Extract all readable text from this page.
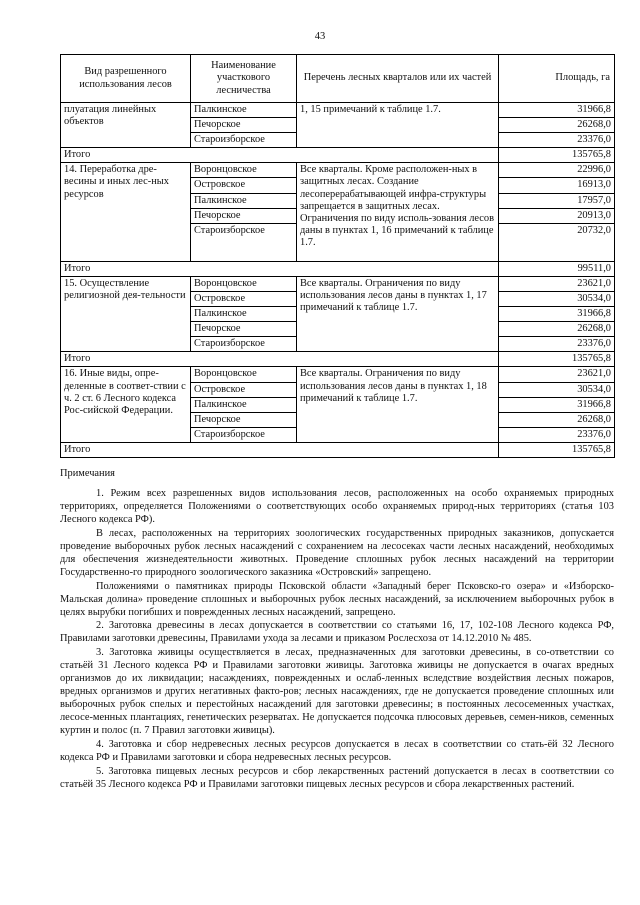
43
Вид разрешенного использования лесов	Наименование участкового лесничества	Перечень лесных кварталов или их частей	Площадь, га
плуатация линейных объектов	Палкинское	1, 15 примечаний к таблице 1.7.	31966,8
	Печорское		26268,0
	Староизборское		23376,0
Итого			135765,8
14. Переработка дре-весины и иных лес-ных ресурсов	Воронцовское	Все кварталы. Кроме расположен-ных в защитных лесах. Создание лесоперерабатывающей инфра-структуры запрещается в защитных лесах. Ограничения по виду исполь-зования лесов даны в пунктах 1, 16 примечаний к таблице 1.7.	22996,0
	Островское		16913,0
	Палкинское		17957,0
	Печорское		20913,0
	Староизборское		20732,0
Итого			99511,0
15. Осуществление религиозной дея-тельности	Воронцовское	Все кварталы. Ограничения по виду использования лесов даны в пунктах 1, 17 примечаний к таблице 1.7.	23621,0
	Островское		30534,0
	Палкинское		31966,8
	Печорское		26268,0
	Староизборское		23376,0
Итого			135765,8
16. Иные виды, опре-деленные в соответ-ствии с ч. 2 ст. 6 Лесного кодекса Рос-сийской Федерации.	Воронцовское	Все кварталы. Ограничения по виду использования лесов даны в пунктах 1, 18 примечаний к таблице 1.7.	23621,0
	Островское		30534,0
	Палкинское		31966,8
	Печорское		26268,0
	Староизборское		23376,0
Итого			135765,8

Примечания

1. Режим всех разрешенных видов использования лесов, расположенных на особо охраняемых природных территориях, определяется Положениями о соответствующих особо охраняемых природ-ных территориях (статья 103 Лесного кодекса РФ).

В лесах, расположенных на территориях зоологических государственных природных заказников, допускается проведение выборочных рубок лесных насаждений с сохранением на лесосеках части лесных насаждений, необходимых для обеспечения жизнедеятельности животных. Проведение сплошных рубок лесных насаждений на территории Государственно-го природного зоологического заказника «Островский» запрещено.

Положениями о памятниках природы Псковской области «Западный берег Псковско-го озера» и «Изборско-Мальская долина» проведение сплошных и выборочных рубок лесных насаждений, за исключением выборочных рубок в целях вырубки погибших и поврежденных лесных насаждений, запрещено.

2. Заготовка древесины в лесах допускается в соответствии со статьями 16, 17, 102-108 Лесного кодекса РФ, Правилами заготовки древесины, Правилами ухода за лесами и приказом Рослесхоза от 14.12.2010 № 485.

3. Заготовка живицы осуществляется в лесах, предназначенных для заготовки древесины, в со-ответствии со статьёй 31 Лесного кодекса РФ и Правилами заготовки живицы. Заготовка живицы не допускается в очагах вредных организмов до их ликвидации; насаждениях, поврежденных и ослаб-ленных вследствие воздействия лесных пожаров, вредных организмов и других негативных факто-ров; лесных насаждениях, где не допускается проведение сплошных или выборочных рубок спелых и перестойных насаждений для заготовки древесины; в постоянных лесосеменных участках, лесосе-менных плантациях, генетических резерватах. Не допускается подсочка плюсовых деревьев, семен-ников, семенных куртин и полос (п. 7 Правил заготовки живицы).

4. Заготовка и сбор недревесных лесных ресурсов допускается в лесах в соответствии со стать-ёй 32 Лесного кодекса РФ и Правилами заготовки и сбора недревесных лесных ресурсов.

5. Заготовка пищевых лесных ресурсов и сбор лекарственных растений допускается в лесах в соответствии со статьёй 35 Лесного кодекса РФ и Правилами заготовки пищевых лесных ресурсов и сбора лекарственных растений.
